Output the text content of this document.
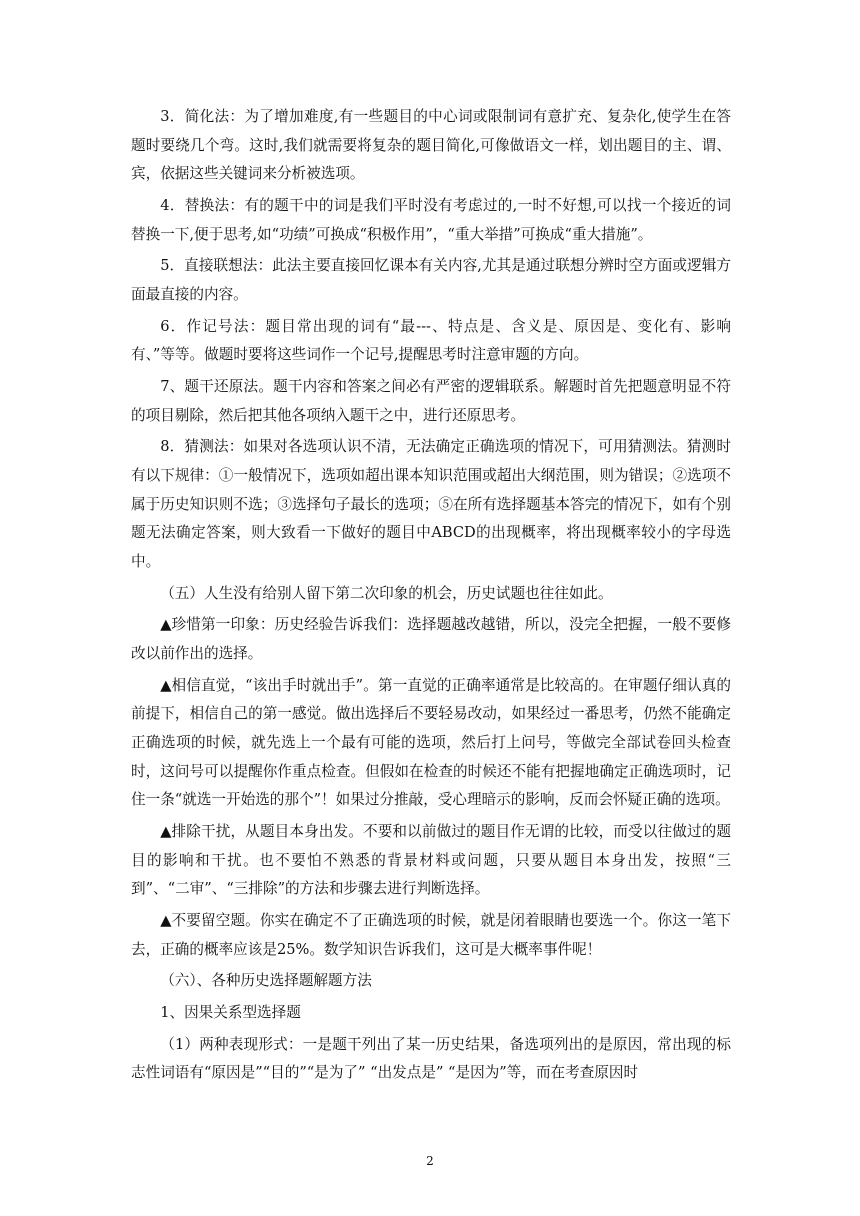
3．简化法：为了增加难度,有一些题目的中心词或限制词有意扩充、复杂化,使学生在答题时要绕几个弯。这时,我们就需要将复杂的题目简化,可像做语文一样，划出题目的主、谓、宾，依据这些关键词来分析被选项。

4．替换法：有的题干中的词是我们平时没有考虑过的,一时不好想,可以找一个接近的词替换一下,便于思考,如“功绩”可换成“积极作用”，“重大举措”可换成“重大措施”。

5．直接联想法：此法主要直接回忆课本有关内容,尤其是通过联想分辨时空方面或逻辑方面最直接的内容。

6．作记号法：题目常出现的词有“最---、特点是、含义是、原因是、变化有、影响有、”等等。做题时要将这些词作一个记号,提醒思考时注意审题的方向。

7、题干还原法。题干内容和答案之间必有严密的逻辑联系。解题时首先把题意明显不符的项目剔除，然后把其他各项纳入题干之中，进行还原思考。

8．猜测法：如果对各选项认识不清，无法确定正确选项的情况下，可用猜测法。猜测时有以下规律：①一般情况下，选项如超出课本知识范围或超出大纲范围，则为错误；②选项不属于历史知识则不选；③选择句子最长的选项；⑤在所有选择题基本答完的情况下，如有个别题无法确定答案，则大致看一下做好的题目中ABCD的出现概率，将出现概率较小的字母选中。

（五）人生没有给别人留下第二次印象的机会，历史试题也往往如此。

▲珍惜第一印象：历史经验告诉我们：选择题越改越错，所以，没完全把握，一般不要修改以前作出的选择。

▲相信直觉，“该出手时就出手”。第一直觉的正确率通常是比较高的。在审题仔细认真的前提下，相信自己的第一感觉。做出选择后不要轻易改动，如果经过一番思考，仍然不能确定正确选项的时候，就先选上一个最有可能的选项，然后打上问号，等做完全部试卷回头检查时，这问号可以提醒你作重点检查。但假如在检查的时候还不能有把握地确定正确选项时，记住一条“就选一开始选的那个”！如果过分推敲，受心理暗示的影响，反而会怀疑正确的选项。

▲排除干扰，从题目本身出发。不要和以前做过的题目作无谓的比较，而受以往做过的题目的影响和干扰。也不要怕不熟悉的背景材料或问题，只要从题目本身出发，按照“三到”、“二审”、“三排除”的方法和步骤去进行判断选择。

▲不要留空题。你实在确定不了正确选项的时候，就是闭着眼睛也要选一个。你这一笔下去，正确的概率应该是25%。数学知识告诉我们，这可是大概率事件呢！

（六）、各种历史选择题解题方法

1、因果关系型选择题

（1）两种表现形式：一是题干列出了某一历史结果，备选项列出的是原因，常出现的标志性词语有“原因是”“目的”“是为了” “出发点是” “是因为”等，而在考查原因时

2
